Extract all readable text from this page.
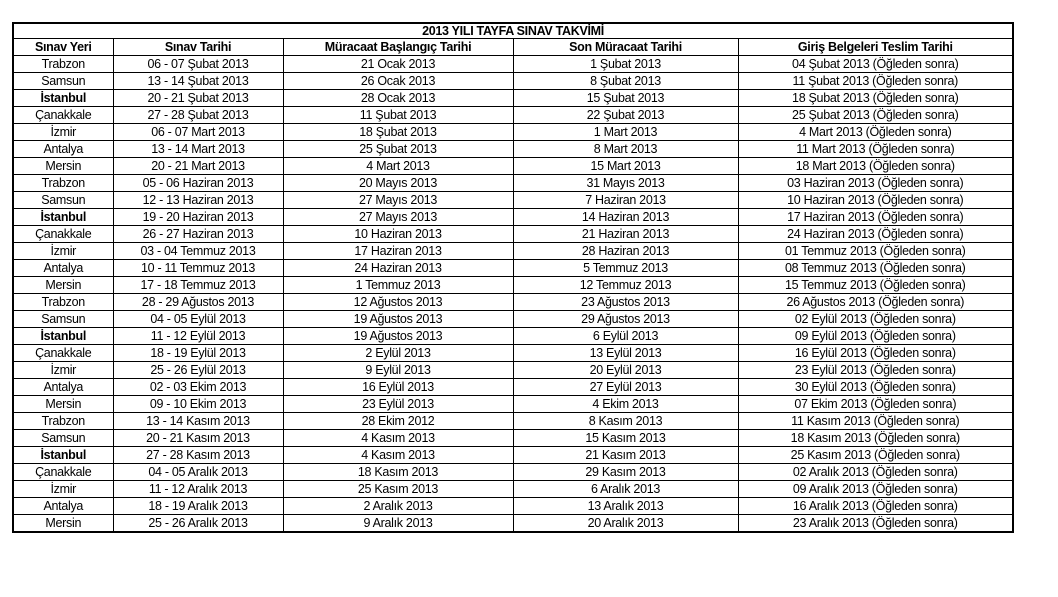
2013 YILI TAYFA SINAV TAKVİMİ				
Sınav Yeri	Sınav Tarihi	Müracaat Başlangıç Tarihi	Son Müracaat Tarihi	Giriş Belgeleri Teslim Tarihi
Trabzon	06 - 07 Şubat 2013	21 Ocak 2013	1 Şubat 2013	04 Şubat 2013 (Öğleden sonra)
Samsun	13 - 14 Şubat 2013	26 Ocak 2013	8 Şubat 2013	11 Şubat 2013 (Öğleden sonra)
İstanbul	20 - 21 Şubat 2013	28 Ocak 2013	15 Şubat 2013	18 Şubat 2013 (Öğleden sonra)
Çanakkale	27 - 28 Şubat 2013	11 Şubat 2013	22 Şubat 2013	25 Şubat 2013 (Öğleden sonra)
İzmir	06 - 07 Mart 2013	18 Şubat 2013	1 Mart 2013	4 Mart 2013 (Öğleden sonra)
Antalya	13 - 14 Mart 2013	25 Şubat 2013	8 Mart 2013	11 Mart 2013 (Öğleden sonra)
Mersin	20 - 21 Mart 2013	4 Mart 2013	15 Mart 2013	18 Mart 2013 (Öğleden sonra)
Trabzon	05 - 06 Haziran 2013	20 Mayıs 2013	31 Mayıs 2013	03 Haziran 2013 (Öğleden sonra)
Samsun	12 - 13 Haziran 2013	27 Mayıs 2013	7 Haziran 2013	10 Haziran 2013 (Öğleden sonra)
İstanbul	19 - 20 Haziran 2013	27 Mayıs 2013	14 Haziran 2013	17 Haziran 2013 (Öğleden sonra)
Çanakkale	26 - 27 Haziran 2013	10 Haziran 2013	21 Haziran 2013	24 Haziran 2013 (Öğleden sonra)
İzmir	03 - 04 Temmuz 2013	17 Haziran 2013	28 Haziran 2013	01 Temmuz 2013 (Öğleden sonra)
Antalya	10 - 11 Temmuz 2013	24 Haziran 2013	5 Temmuz 2013	08 Temmuz 2013 (Öğleden sonra)
Mersin	17 - 18 Temmuz 2013	1 Temmuz 2013	12 Temmuz 2013	15 Temmuz 2013 (Öğleden sonra)
Trabzon	28 - 29 Ağustos 2013	12 Ağustos 2013	23 Ağustos 2013	26 Ağustos 2013 (Öğleden sonra)
Samsun	04 - 05 Eylül 2013	19 Ağustos 2013	29 Ağustos 2013	02 Eylül 2013 (Öğleden sonra)
İstanbul	11 - 12 Eylül 2013	19 Ağustos 2013	6 Eylül 2013	09 Eylül 2013 (Öğleden sonra)
Çanakkale	18 - 19 Eylül 2013	2 Eylül 2013	13 Eylül 2013	16 Eylül 2013 (Öğleden sonra)
İzmir	25 - 26 Eylül 2013	9 Eylül 2013	20 Eylül 2013	23 Eylül 2013 (Öğleden sonra)
Antalya	02 - 03 Ekim 2013	16 Eylül 2013	27 Eylül 2013	30 Eylül 2013 (Öğleden sonra)
Mersin	09 - 10 Ekim 2013	23 Eylül 2013	4 Ekim 2013	07 Ekim 2013 (Öğleden sonra)
Trabzon	13 - 14 Kasım 2013	28 Ekim 2012	8 Kasım 2013	11 Kasım 2013 (Öğleden sonra)
Samsun	20 - 21 Kasım 2013	4 Kasım 2013	15 Kasım 2013	18 Kasım 2013 (Öğleden sonra)
İstanbul	27 - 28 Kasım 2013	4 Kasım 2013	21 Kasım 2013	25 Kasım 2013 (Öğleden sonra)
Çanakkale	04 - 05 Aralık 2013	18 Kasım 2013	29 Kasım 2013	02 Aralık 2013 (Öğleden sonra)
İzmir	11 - 12 Aralık 2013	25 Kasım 2013	6 Aralık 2013	09 Aralık 2013 (Öğleden sonra)
Antalya	18 - 19 Aralık 2013	2 Aralık 2013	13 Aralık 2013	16 Aralık 2013 (Öğleden sonra)
Mersin	25 - 26 Aralık 2013	9 Aralık 2013	20 Aralık 2013	23 Aralık 2013 (Öğleden sonra)
